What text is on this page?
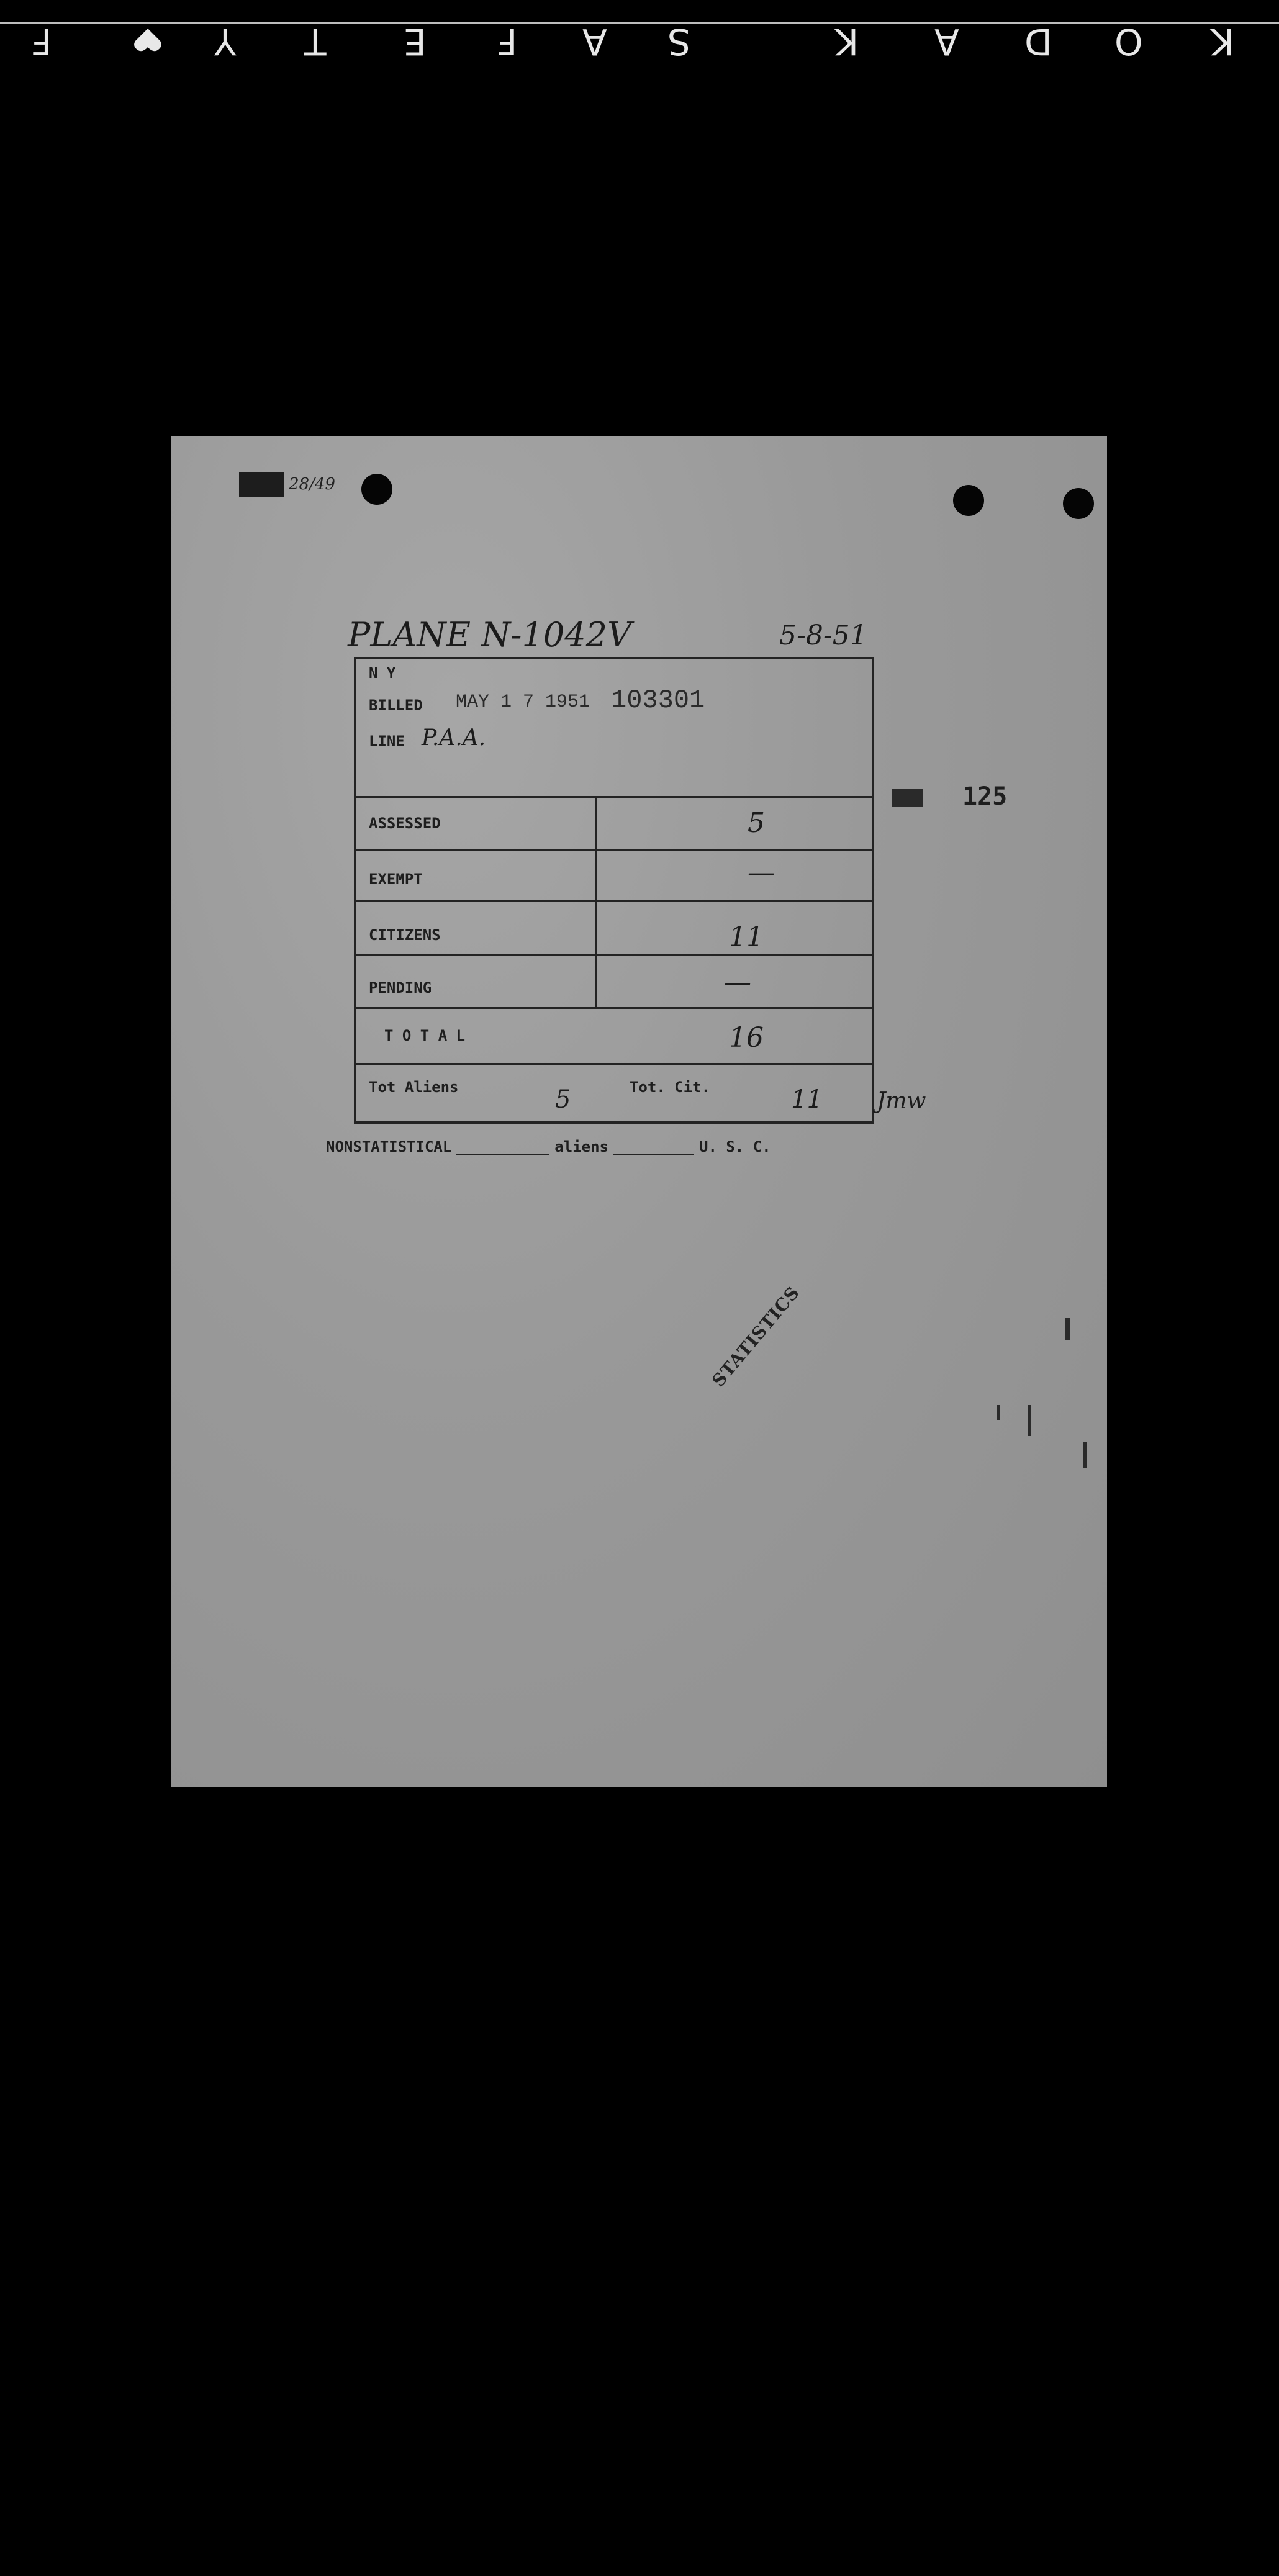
F	Y T E F A S	K A D O K
28/49
PLANE N-1042V	5-8-51
125
N Y
BILLED MAY 1 7 1951 103301
LINE P.A.A.
ASSESSED	5
EXEMPT	—
CITIZENS	11
PENDING	—
T O T A L	16
Tot Aliens	5	Tot. Cit.	11 Jmw
NONSTATISTICAL	aliens	U. S. C.
STATISTICS
